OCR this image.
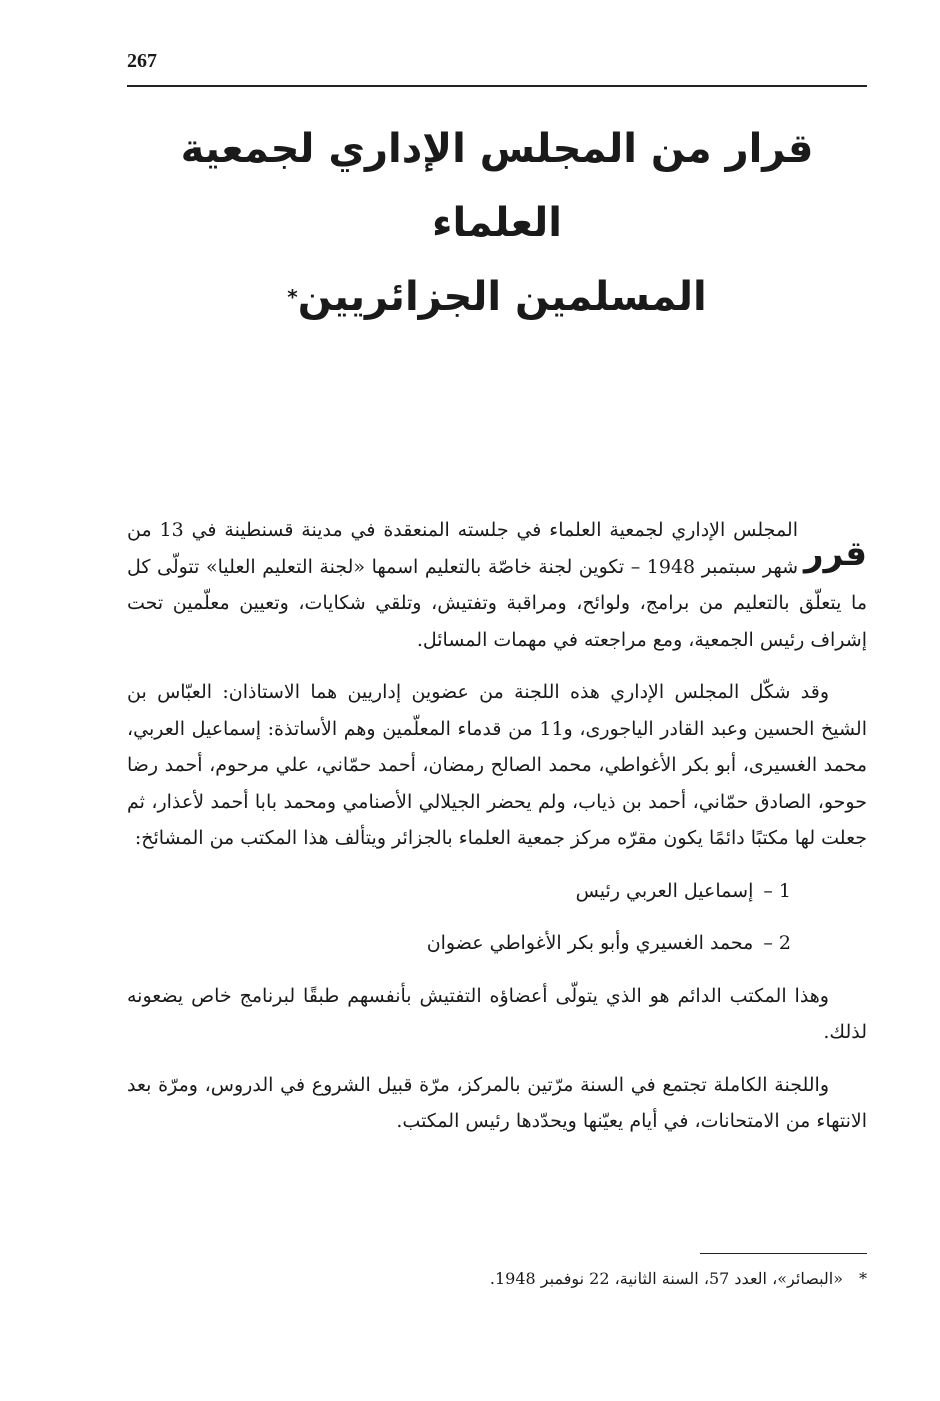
267
قرار من المجلس الإداري لجمعية العلماء
المسلمين الجزائريين*

قرر
المجلس الإداري لجمعية العلماء في جلسته المنعقدة في مدينة قسنطينة في 13 من شهر سبتمبر 1948 – تكوين لجنة خاصّة بالتعليم اسمها «لجنة التعليم العليا» تتولّى كل ما يتعلّق بالتعليم من برامج، ولوائح، ومراقبة وتفتيش، وتلقي شكايات، وتعيين معلّمين تحت إشراف رئيس الجمعية، ومع مراجعته في مهمات المسائل.

وقد شكّل المجلس الإداري هذه اللجنة من عضوين إداريين هما الاستاذان: العبّاس بن الشيخ الحسين وعبد القادر الياجورى، و11 من قدماء المعلّمين وهم الأساتذة: إسماعيل العربي، محمد الغسيرى، أبو بكر الأغواطي، محمد الصالح رمضان، أحمد حمّاني، علي مرحوم، أحمد رضا حوحو، الصادق حمّاني، أحمد بن ذياب، ولم يحضر الجيلالي الأصنامي ومحمد بابا أحمد لأعذار، ثم جعلت لها مكتبًا دائمًا يكون مقرّه مركز جمعية العلماء بالجزائر ويتألف هذا المكتب من المشائخ:

1 –إسماعيل العربي رئيس

2 –محمد الغسيري وأبو بكر الأغواطي عضوان

وهذا المكتب الدائم هو الذي يتولّى أعضاؤه التفتيش بأنفسهم طبقًا لبرنامج خاص يضعونه لذلك.

واللجنة الكاملة تجتمع في السنة مرّتين بالمركز، مرّة قبيل الشروع في الدروس، ومرّة بعد الانتهاء من الامتحانات، في أيام يعيّنها ويحدّدها رئيس المكتب.

*«البصائر»، العدد 57، السنة الثانية، 22 نوفمبر 1948.
